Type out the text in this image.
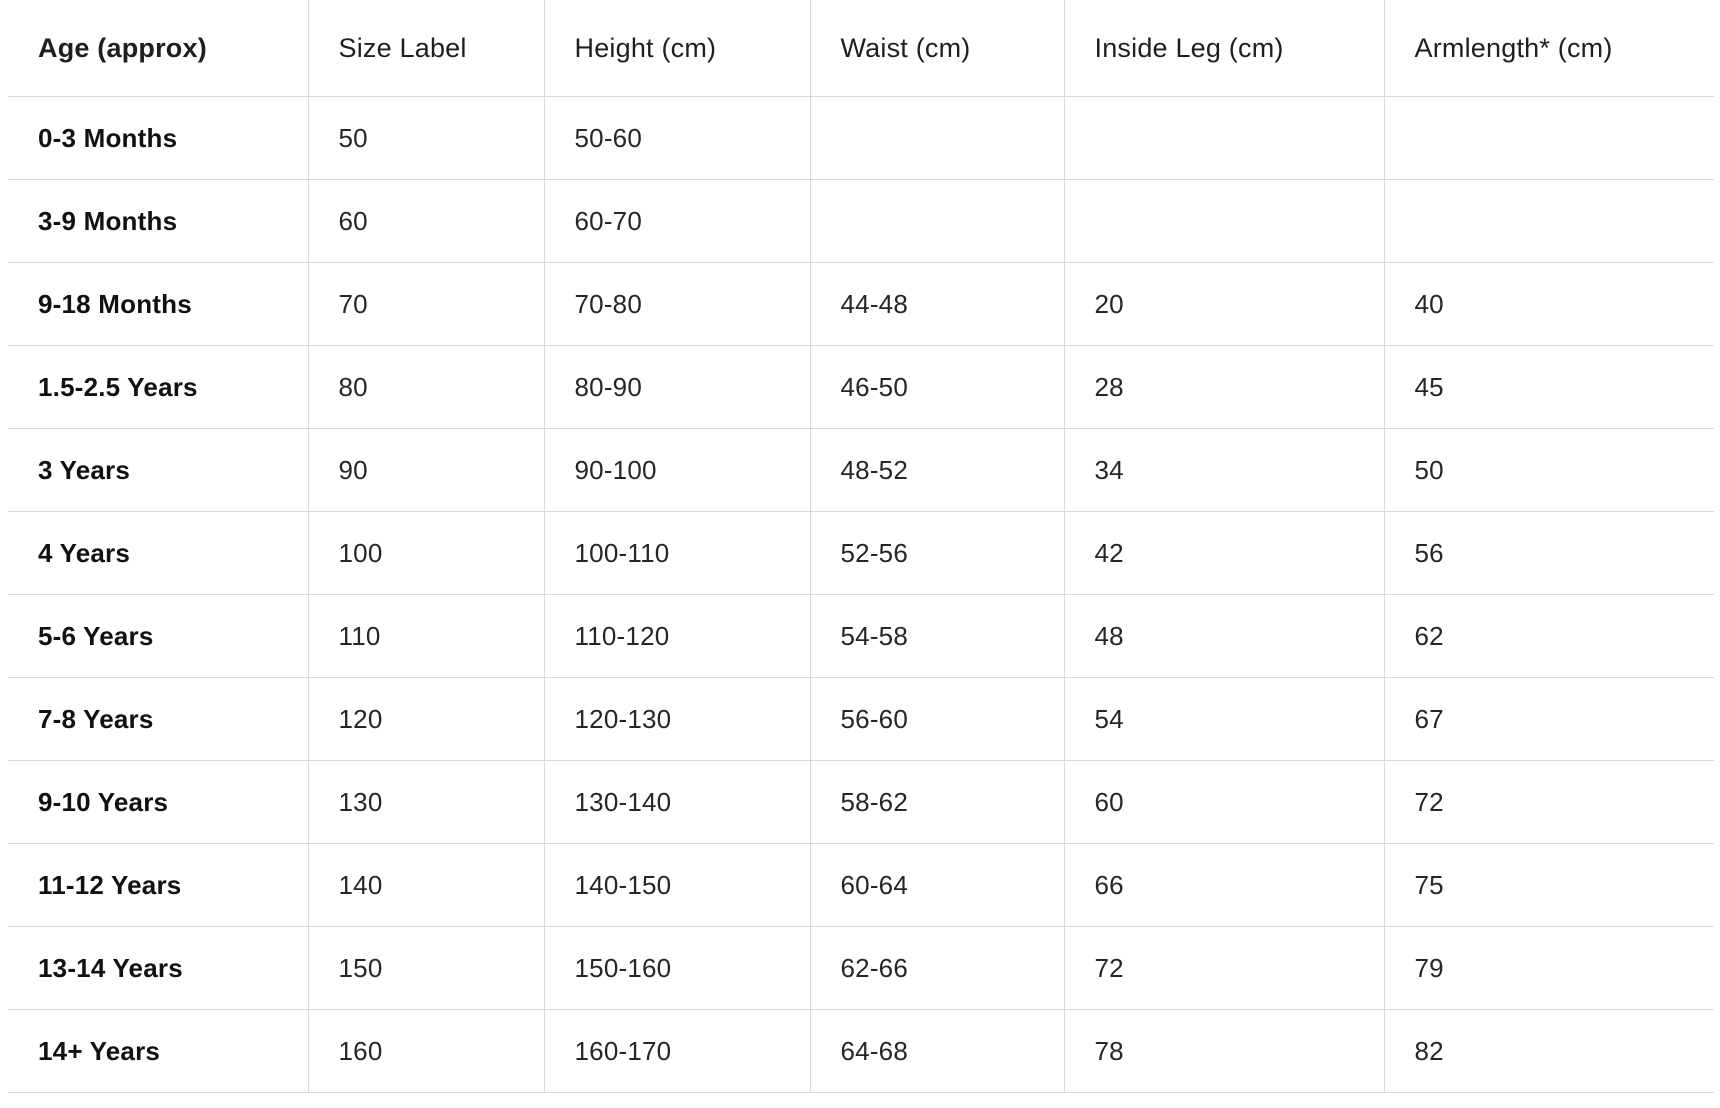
Age (approx)	Size Label	Height (cm)	Waist (cm)	Inside Leg (cm)	Armlength* (cm)
0-3 Months	50	50-60			
3-9 Months	60	60-70			
9-18 Months	70	70-80	44-48	20	40
1.5-2.5 Years	80	80-90	46-50	28	45
3 Years	90	90-100	48-52	34	50
4 Years	100	100-110	52-56	42	56
5-6 Years	110	110-120	54-58	48	62
7-8 Years	120	120-130	56-60	54	67
9-10 Years	130	130-140	58-62	60	72
11-12 Years	140	140-150	60-64	66	75
13-14 Years	150	150-160	62-66	72	79
14+ Years	160	160-170	64-68	78	82
